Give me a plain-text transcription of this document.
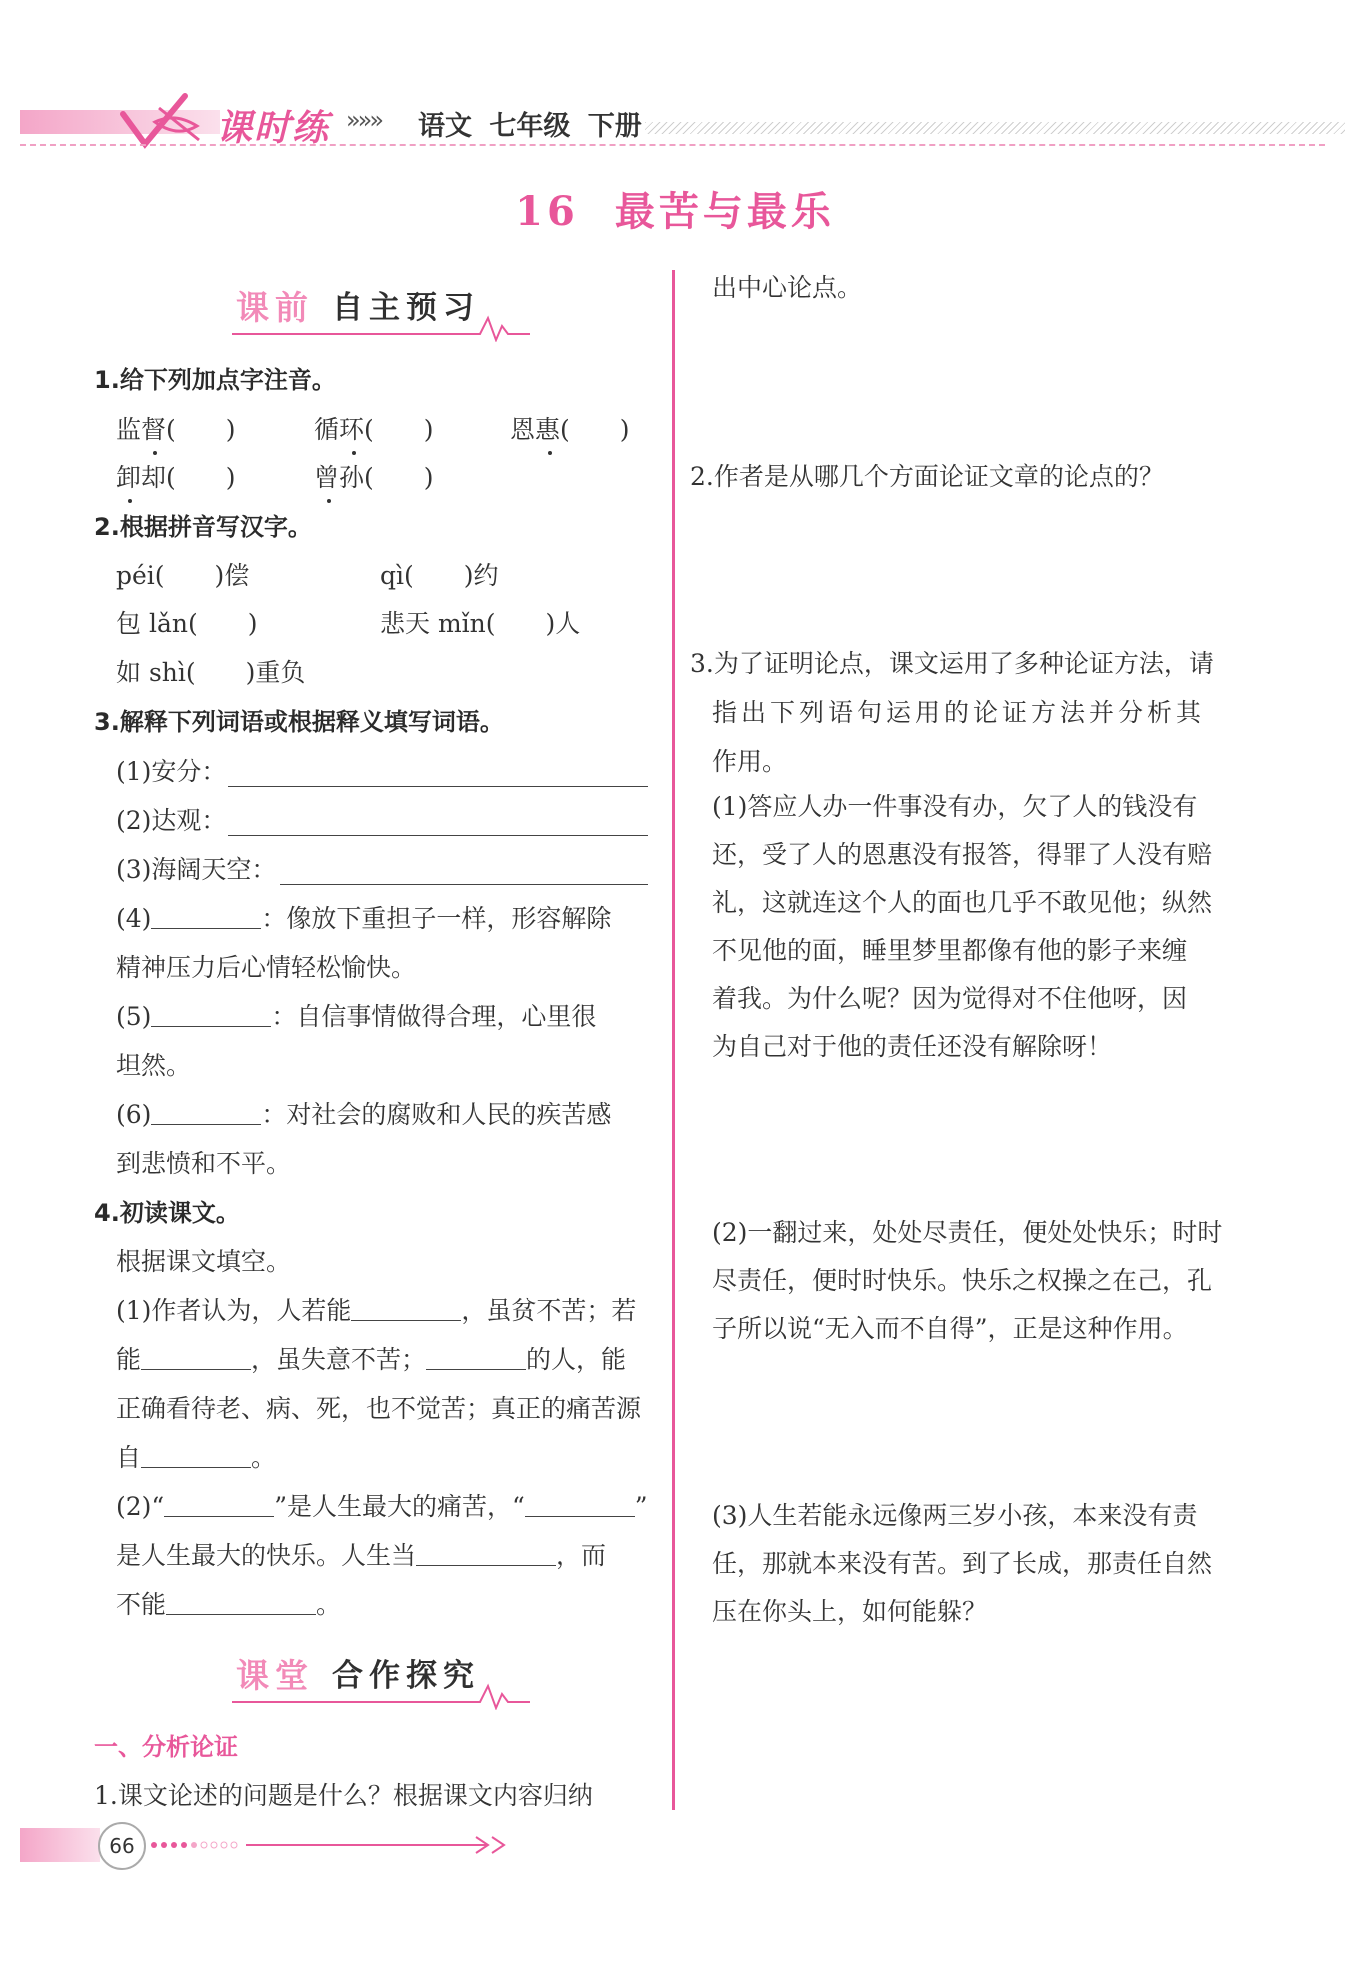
课时练 »»» 语文 七年级 下册
16 最苦与最乐
课前 自主预习
1.给下列加点字注音。
监督(　　)	循环(　　)	恩惠(　　)
卸却(　　)	曾孙(　　)
2.根据拼音写汉字。
péi(　　)偿	qì(　　)约
包 lǎn(　　)	悲天 mǐn(　　)人
如 shì(　　)重负
3.解释下列词语或根据释义填写词语。
(1)安分：
(2)达观：
(3)海阔天空：
(4)	：像放下重担子一样，形容解除
精神压力后心情轻松愉快。
(5)	：自信事情做得合理，心里很
坦然。
(6)	：对社会的腐败和人民的疾苦感
到悲愤和不平。
4.初读课文。
根据课文填空。
(1)作者认为，人若能	，虽贫不苦；若
能	，虽失意不苦；	的人，能
正确看待老、病、死，也不觉苦；真正的痛苦源
自	。
(2)“	”是人生最大的痛苦，“	”
是人生最大的快乐。人生当	，而
不能	。
课堂 合作探究
一、分析论证
1.课文论述的问题是什么？根据课文内容归纳
出中心论点。
2.作者是从哪几个方面论证文章的论点的？
3.为了证明论点，课文运用了多种论证方法，请
指出下列语句运用的论证方法并分析其
作用。
(1)答应人办一件事没有办，欠了人的钱没有
还，受了人的恩惠没有报答，得罪了人没有赔
礼，这就连这个人的面也几乎不敢见他；纵然
不见他的面，睡里梦里都像有他的影子来缠
着我。为什么呢？因为觉得对不住他呀，因
为自己对于他的责任还没有解除呀！
(2)一翻过来，处处尽责任，便处处快乐；时时
尽责任，便时时快乐。快乐之权操之在己，孔
子所以说“无入而不自得”，正是这种作用。
(3)人生若能永远像两三岁小孩，本来没有责
任，那就本来没有苦。到了长成，那责任自然
压在你头上，如何能躲？
66
